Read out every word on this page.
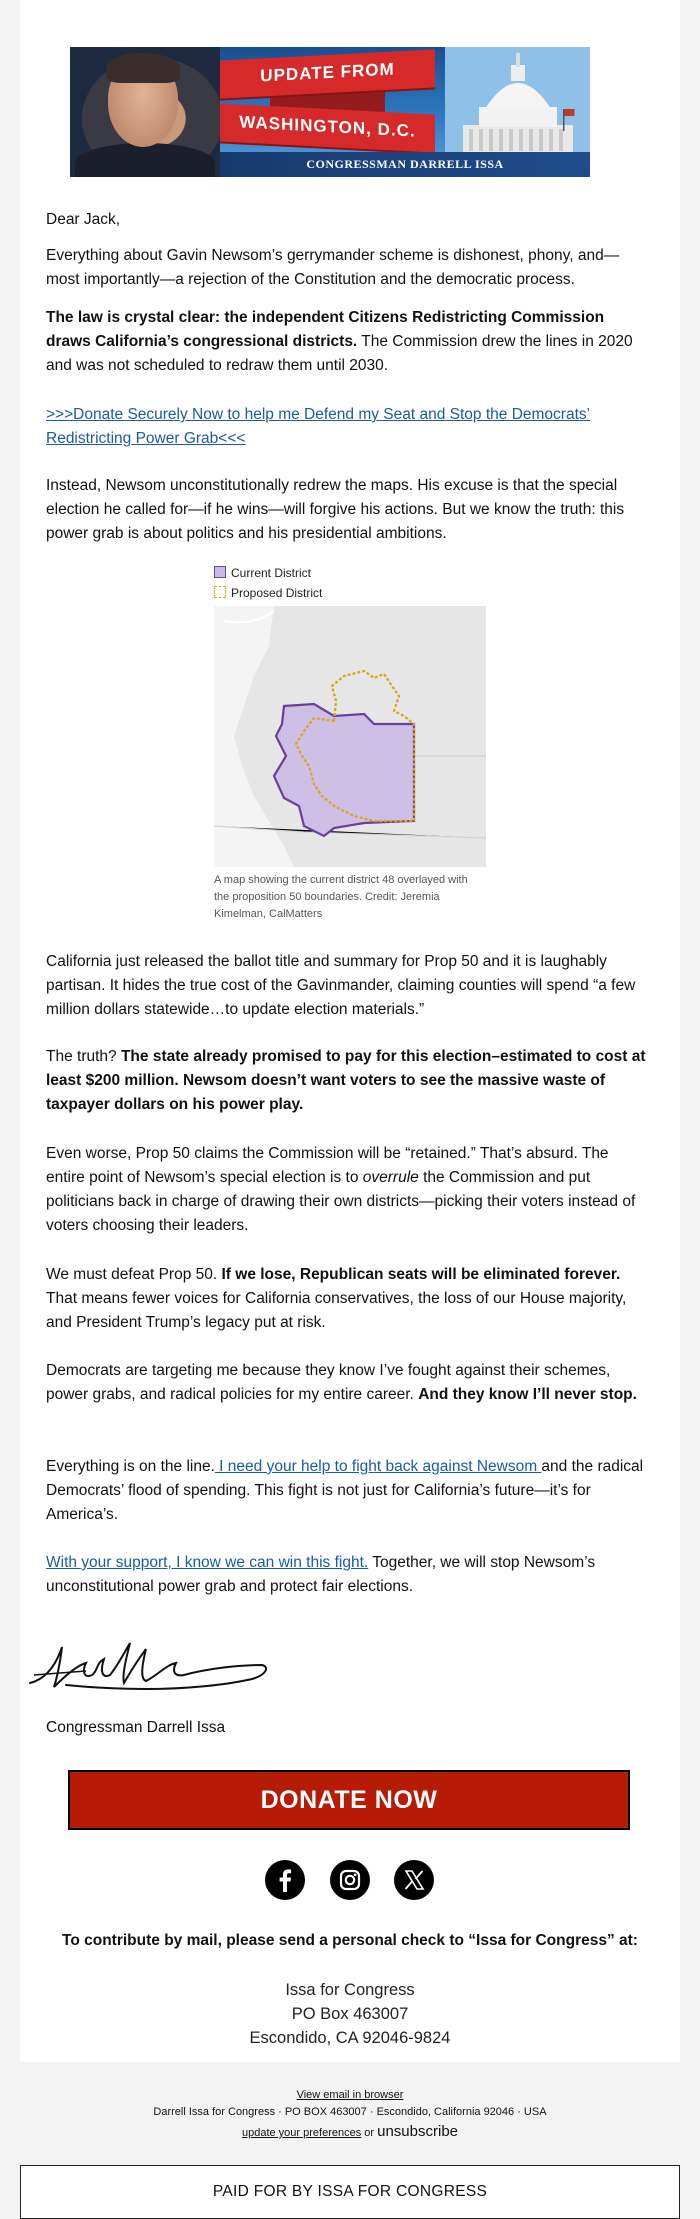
UPDATE FROM
WASHINGTON, D.C.
CONGRESSMAN DARRELL ISSA

Dear Jack,

Everything about Gavin Newsom’s gerrymander scheme is dishonest, phony, and—most importantly—a rejection of the Constitution and the democratic process.

The law is crystal clear: the independent Citizens Redistricting Commission draws California’s congressional districts. The Commission drew the lines in 2020 and was not scheduled to redraw them until 2030.

>>>Donate Securely Now to help me Defend my Seat and Stop the Democrats’ Redistricting Power Grab<<<

Instead, Newsom unconstitutionally redrew the maps. His excuse is that the special election he called for—if he wins—will forgive his actions. But we know the truth: this power grab is about politics and his presidential ambitions.

Current District
Proposed District
A map showing the current district 48 overlayed with the proposition 50 boundaries. Credit: Jeremia Kimelman, CalMatters

California just released the ballot title and summary for Prop 50 and it is laughably partisan. It hides the true cost of the Gavinmander, claiming counties will spend “a few million dollars statewide…to update election materials.”

The truth? The state already promised to pay for this election–estimated to cost at least $200 million. Newsom doesn’t want voters to see the massive waste of taxpayer dollars on his power play.

Even worse, Prop 50 claims the Commission will be “retained.” That’s absurd. The entire point of Newsom’s special election is to overrule the Commission and put politicians back in charge of drawing their own districts—picking their voters instead of voters choosing their leaders.

We must defeat Prop 50. If we lose, Republican seats will be eliminated forever. That means fewer voices for California conservatives, the loss of our House majority, and President Trump’s legacy put at risk.

Democrats are targeting me because they know I’ve fought against their schemes, power grabs, and radical policies for my entire career. And they know I’ll never stop.

Everything is on the line. I need your help to fight back against Newsom and the radical Democrats’ flood of spending. This fight is not just for California’s future—it’s for America’s.

With your support, I know we can win this fight. Together, we will stop Newsom’s unconstitutional power grab and protect fair elections.

Congressman Darrell Issa

DONATE NOW

To contribute by mail, please send a personal check to “Issa for Congress” at:

Issa for Congress

PO Box 463007

Escondido, CA 92046-9824

View email in browser
Darrell Issa for Congress · PO BOX 463007 · Escondido, California 92046 · USA
update your preferences or unsubscribe
PAID FOR BY ISSA FOR CONGRESS
